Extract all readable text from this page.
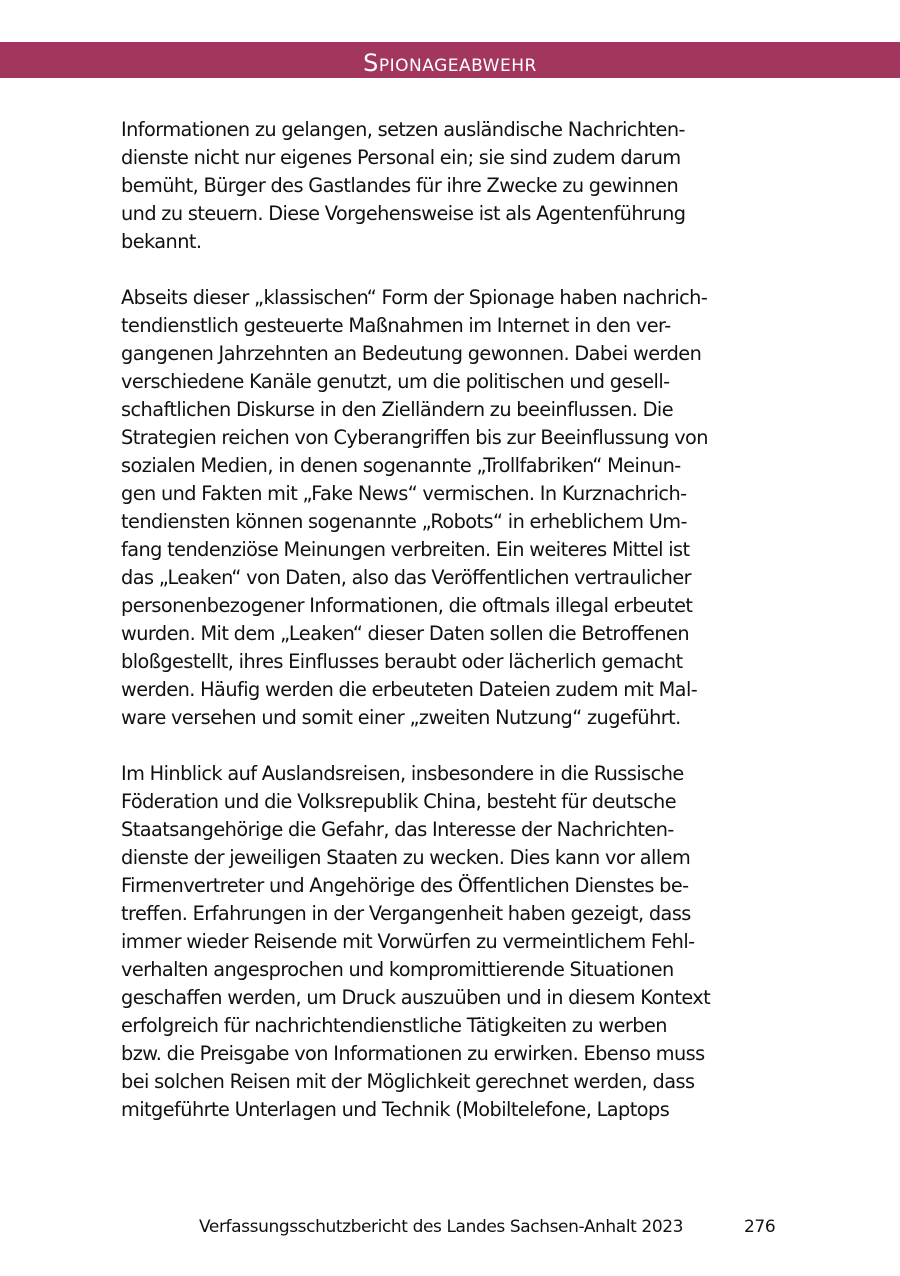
Spionageabwehr

Informationen zu gelangen, setzen ausländische Nachrichten-
dienste nicht nur eigenes Personal ein; sie sind zudem darum
bemüht, Bürger des Gastlandes für ihre Zwecke zu gewinnen
und zu steuern. Diese Vorgehensweise ist als Agentenführung
bekannt.

Abseits dieser „klassischen“ Form der Spionage haben nachrich-
tendienstlich gesteuerte Maßnahmen im Internet in den ver-
gangenen Jahrzehnten an Bedeutung gewonnen. Dabei werden
verschiedene Kanäle genutzt, um die politischen und gesell-
schaftlichen Diskurse in den Zielländern zu beeinflussen. Die
Strategien reichen von Cyberangriffen bis zur Beeinflussung von
sozialen Medien, in denen sogenannte „Trollfabriken“ Meinun-
gen und Fakten mit „Fake News“ vermischen. In Kurznachrich-
tendiensten können sogenannte „Robots“ in erheblichem Um-
fang tendenziöse Meinungen verbreiten. Ein weiteres Mittel ist
das „Leaken“ von Daten, also das Veröffentlichen vertraulicher
personenbezogener Informationen, die oftmals illegal erbeutet
wurden. Mit dem „Leaken“ dieser Daten sollen die Betroffenen
bloßgestellt, ihres Einflusses beraubt oder lächerlich gemacht
werden. Häufig werden die erbeuteten Dateien zudem mit Mal-
ware versehen und somit einer „zweiten Nutzung“ zugeführt.

Im Hinblick auf Auslandsreisen, insbesondere in die Russische
Föderation und die Volksrepublik China, besteht für deutsche
Staatsangehörige die Gefahr, das Interesse der Nachrichten-
dienste der jeweiligen Staaten zu wecken. Dies kann vor allem
Firmenvertreter und Angehörige des Öffentlichen Dienstes be-
treffen. Erfahrungen in der Vergangenheit haben gezeigt, dass
immer wieder Reisende mit Vorwürfen zu vermeintlichem Fehl-
verhalten angesprochen und kompromittierende Situationen
geschaffen werden, um Druck auszuüben und in diesem Kontext
erfolgreich für nachrichtendienstliche Tätigkeiten zu werben
bzw. die Preisgabe von Informationen zu erwirken. Ebenso muss
bei solchen Reisen mit der Möglichkeit gerechnet werden, dass
mitgeführte Unterlagen und Technik (Mobiltelefone, Laptops

Verfassungsschutzbericht des Landes Sachsen-Anhalt 2023	276
